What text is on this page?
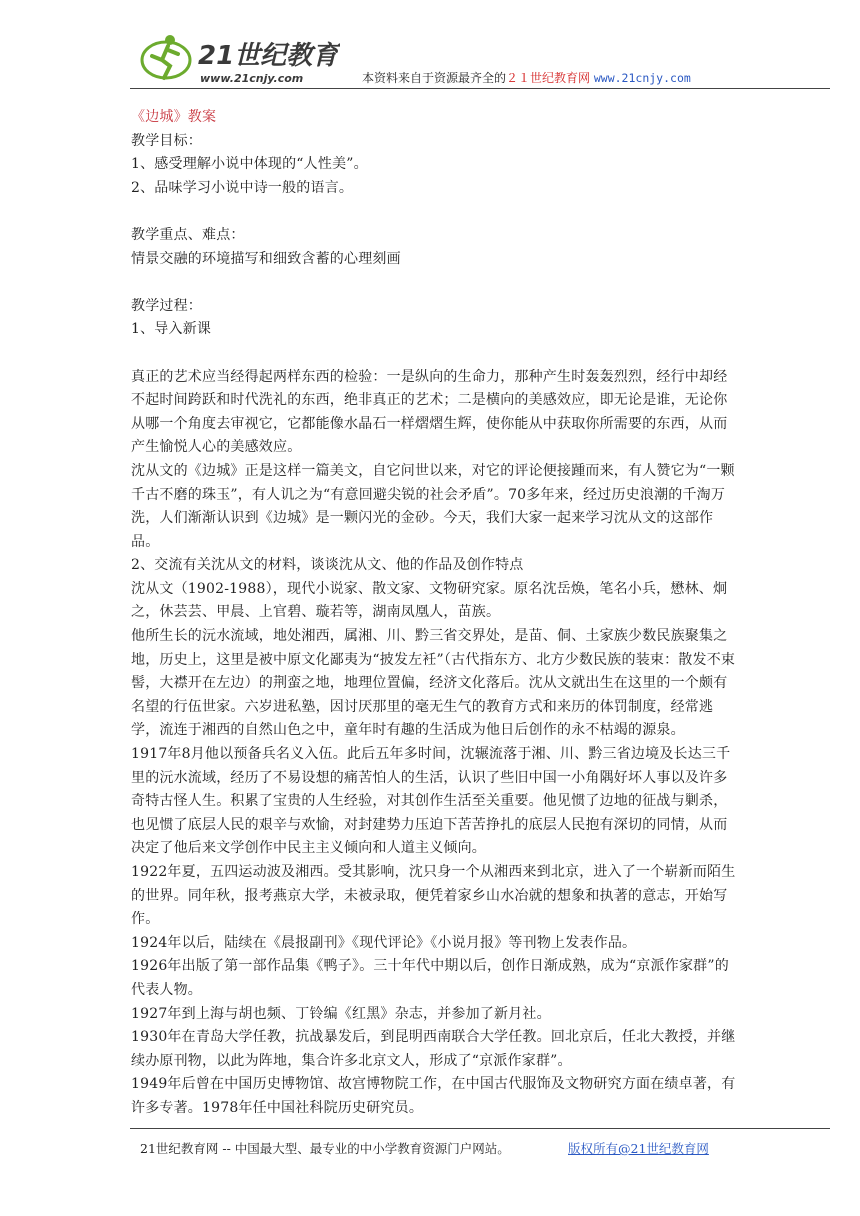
21世纪教育
www.21cnjy.com	本资料来自于资源最齐全的２１世纪教育网 www.21cnjy.com

《边城》教案

教学目标：

1、感受理解小说中体现的“人性美”。

2、品味学习小说中诗一般的语言。

教学重点、难点：

情景交融的环境描写和细致含蓄的心理刻画

教学过程：

1、导入新课

真正的艺术应当经得起两样东西的检验：一是纵向的生命力，那种产生时轰轰烈烈，经行中却经不起时间跨跃和时代洗礼的东西，绝非真正的艺术；二是横向的美感效应，即无论是谁，无论你从哪一个角度去审视它，它都能像水晶石一样熠熠生辉，使你能从中获取你所需要的东西，从而产生愉悦人心的美感效应。

沈从文的《边城》正是这样一篇美文，自它问世以来，对它的评论便接踵而来，有人赞它为“一颗千古不磨的珠玉”，有人讥之为“有意回避尖锐的社会矛盾”。70多年来，经过历史浪潮的千淘万洗，人们渐渐认识到《边城》是一颗闪光的金砂。今天，我们大家一起来学习沈从文的这部作品。

2、交流有关沈从文的材料，谈谈沈从文、他的作品及创作特点

沈从文（1902-1988），现代小说家、散文家、文物研究家。原名沈岳焕，笔名小兵，懋林、炯之，休芸芸、甲晨、上官碧、璇若等，湖南凤凰人，苗族。

他所生长的沅水流域，地处湘西，属湘、川、黔三省交界处，是苗、侗、土家族少数民族聚集之地，历史上，这里是被中原文化鄙夷为“披发左衽”（古代指东方、北方少数民族的装束：散发不束髻，大襟开在左边）的荆蛮之地，地理位置偏，经济文化落后。沈从文就出生在这里的一个颇有名望的行伍世家。六岁进私塾，因讨厌那里的毫无生气的教育方式和来历的体罚制度，经常逃学，流连于湘西的自然山色之中，童年时有趣的生活成为他日后创作的永不枯竭的源泉。

1917年8月他以预备兵名义入伍。此后五年多时间，沈辗流落于湘、川、黔三省边境及长达三千里的沅水流域，经历了不易设想的痛苦怕人的生活，认识了些旧中国一小角隅好坏人事以及许多奇特古怪人生。积累了宝贵的人生经验，对其创作生活至关重要。他见惯了边地的征战与剿杀，也见惯了底层人民的艰辛与欢愉，对封建势力压迫下苦苦挣扎的底层人民抱有深切的同情，从而决定了他后来文学创作中民主主义倾向和人道主义倾向。

1922年夏，五四运动波及湘西。受其影响，沈只身一个从湘西来到北京，进入了一个崭新而陌生的世界。同年秋，报考燕京大学，未被录取，便凭着家乡山水冶就的想象和执著的意志，开始写作。

1924年以后，陆续在《晨报副刊》《现代评论》《小说月报》等刊物上发表作品。

1926年出版了第一部作品集《鸭子》。三十年代中期以后，创作日渐成熟，成为“京派作家群”的代表人物。

1927年到上海与胡也频、丁铃编《红黑》杂志，并参加了新月社。

1930年在青岛大学任教，抗战暴发后，到昆明西南联合大学任教。回北京后，任北大教授，并继续办原刊物，以此为阵地，集合许多北京文人，形成了“京派作家群”。

1949年后曾在中国历史博物馆、故宫博物院工作，在中国古代服饰及文物研究方面在绩卓著，有许多专著。1978年任中国社科院历史研究员。

21世纪教育网 -- 中国最大型、最专业的中小学教育资源门户网站。	版权所有@21世纪教育网
